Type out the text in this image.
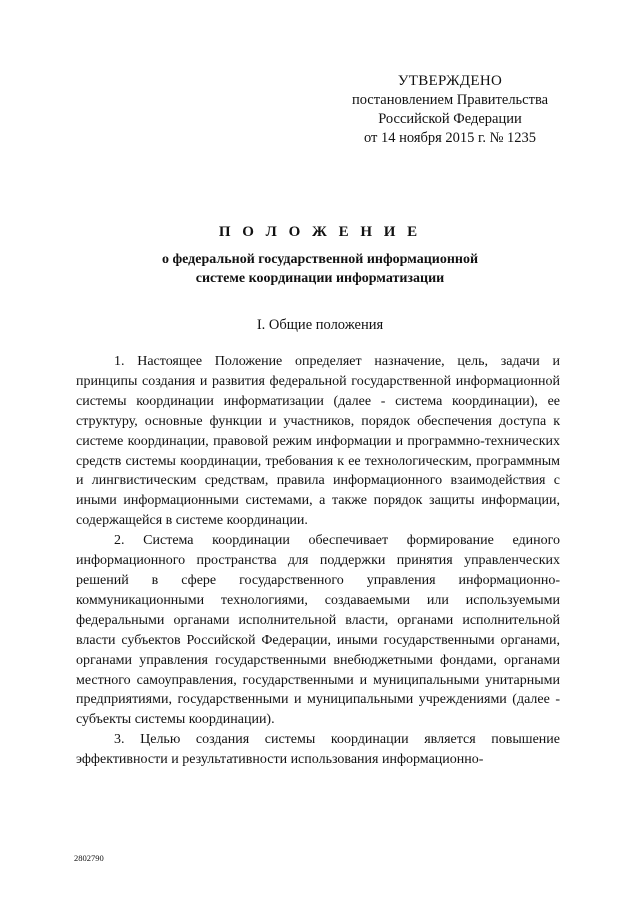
УТВЕРЖДЕНО
постановлением Правительства
Российской Федерации
от 14 ноября 2015 г. № 1235
П О Л О Ж Е Н И Е
о федеральной государственной информационной
системе координации информатизации
I. Общие положения

1. Настоящее Положение определяет назначение, цель, задачи и принципы создания и развития федеральной государственной информационной системы координации информатизации (далее - система координации), ее структуру, основные функции и участников, порядок обеспечения доступа к системе координации, правовой режим информации и программно-технических средств системы координации, требования к ее технологическим, программным и лингвистическим средствам, правила информационного взаимодействия с иными информационными системами, а также порядок защиты информации, содержащейся в системе координации.

2. Система координации обеспечивает формирование единого информационного пространства для поддержки принятия управленческих решений в сфере государственного управления информационно-коммуникационными технологиями, создаваемыми или используемыми федеральными органами исполнительной власти, органами исполнительной власти субъектов Российской Федерации, иными государственными органами, органами управления государственными внебюджетными фондами, органами местного самоуправления, государственными и муниципальными унитарными предприятиями, государственными и муниципальными учреждениями (далее - субъекты системы координации).

3. Целью создания системы координации является повышение эффективности и результативности использования информационно-

2802790
